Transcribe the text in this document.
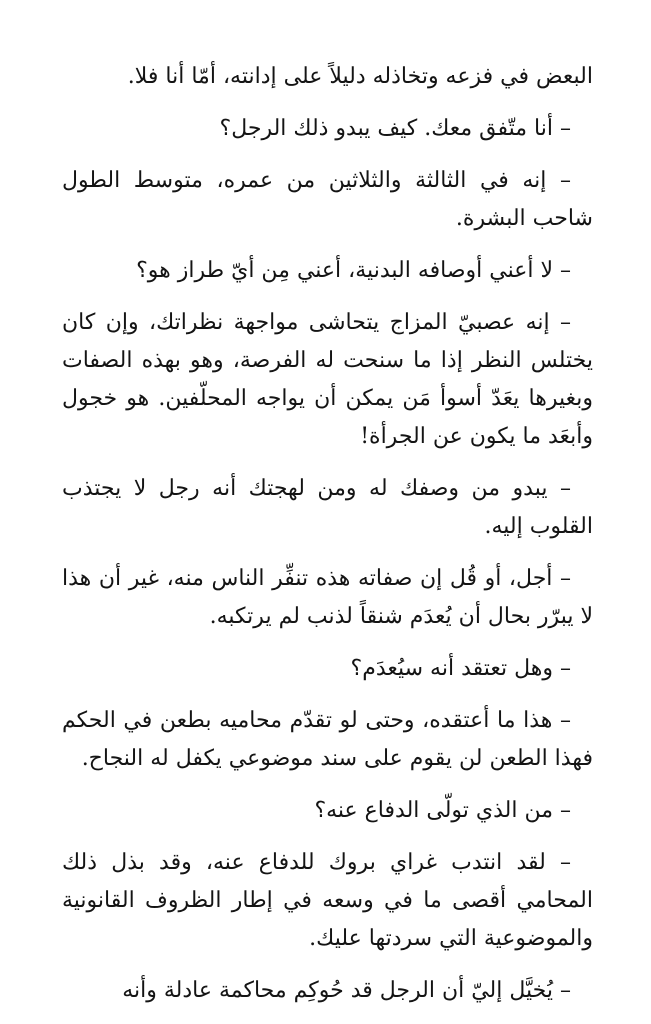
البعض في فزعه وتخاذله دليلاً على إدانته، أمّا أنا فلا.

– أنا متّفق معك. كيف يبدو ذلك الرجل؟

– إنه في الثالثة والثلاثين من عمره، متوسط الطول شاحب البشرة.

– لا أعني أوصافه البدنية، أعني مِن أيّ طراز هو؟

– إنه عصبيّ المزاج يتحاشى مواجهة نظراتك، وإن كان يختلس النظر إذا ما سنحت له الفرصة، وهو بهذه الصفات وبغيرها يعَدّ أسوأ مَن يمكن أن يواجه المحلّفين. هو خجول وأبعَد ما يكون عن الجرأة!

– يبدو من وصفك له ومن لهجتك أنه رجل لا يجتذب القلوب إليه.

– أجل، أو قُل إن صفاته هذه تنفِّر الناس منه، غير أن هذا لا يبرّر بحال أن يُعدَم شنقاً لذنب لم يرتكبه.

– وهل تعتقد أنه سيُعدَم؟

– هذا ما أعتقده، وحتى لو تقدّم محاميه بطعن في الحكم فهذا الطعن لن يقوم على سند موضوعي يكفل له النجاح.

– من الذي تولّى الدفاع عنه؟

– لقد انتدب غراي بروك للدفاع عنه، وقد بذل ذلك المحامي أقصى ما في وسعه في إطار الظروف القانونية والموضوعية التي سردتها عليك.

– يُخيَّل إليّ أن الرجل قد حُوكِم محاكمة عادلة وأنه
